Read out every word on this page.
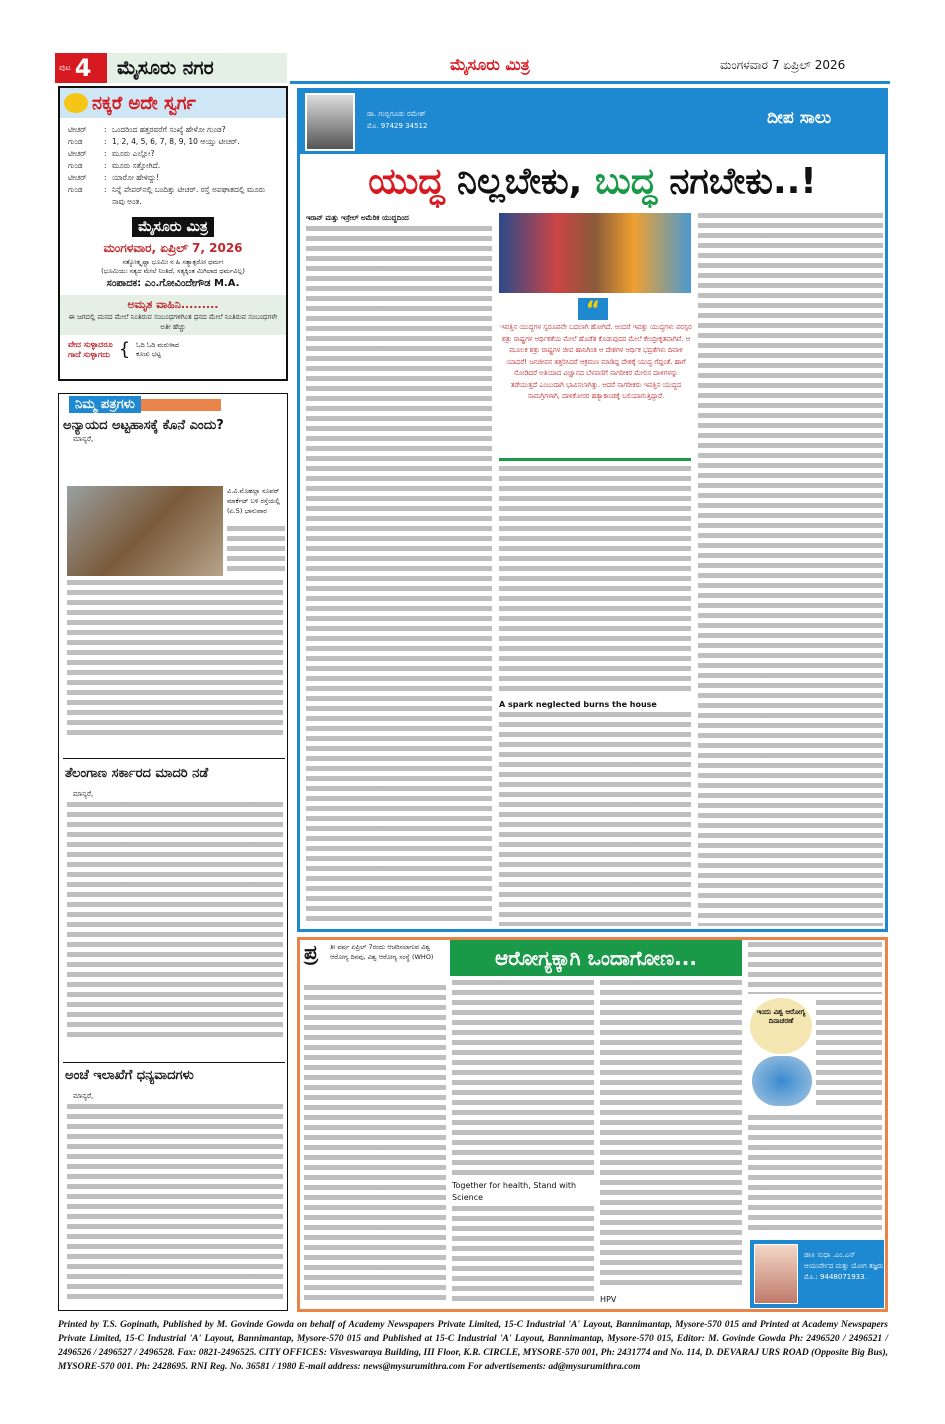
ಪುಟ 4	ಮೈಸೂರು ನಗರ	ಮೈಸೂರು ಮಿತ್ರ	ಮಂಗಳವಾರ 7 ಏಪ್ರಿಲ್ 2026
ನಕ್ಕರೆ ಅದೇ ಸ್ವರ್ಗ
ಟೀಚರ್	: ಒಂದರಿಂದ ಹತ್ತರವರೆಗೆ ಸಂಖ್ಯೆ ಹೇಳೋ ಗುಂಡ?
ಗುಂಡ	: 1, 2, 4, 5, 6, 7, 8, 9, 10 ಆಯ್ತು ಟೀಚರ್.
ಟೀಚರ್	: ಮೂರು ಎಲ್ಲೋ?
ಗುಂಡ	: ಮೂರು ಸತ್ತೋಗಿದೆ.
ಟೀಚರ್	: ಯಾರೋ ಹೇಳಿದ್ದು!
ಗುಂಡ	: ನಿನ್ನೆ ಪೇಪರ್‌ನಲ್ಲಿ ಬಂದಿತ್ತು ಟೀಚರ್. ರಸ್ತೆ ಅಪಘಾತದಲ್ಲಿ ಮೂರು ಸಾವು ಅಂತ.
ಮೈಸೂರು ಮಿತ್ರ
ಮಂಗಳವಾರ, ಏಪ್ರಿಲ್ 7, 2026
ಸತ್ಯೋತ್ಕೃಷ್ಟಾ ಭೂಮಿಃ ನ ಹಿ ಸತ್ಯಾತ್ಪರೋ ಧರ್ಮಃ
(ಭೂಮಿಯು ಸತ್ಯದ ಮೇಲೆ ನಿಂತಿದೆ, ಸತ್ಯಕ್ಕಿಂತ ಮಿಗಿಲಾದ ಧರ್ಮವಿಲ್ಲ)
ಸಂಪಾದಕ: ಎಂ.ಗೋವಿಂದೇಗೌಡ M.A.
ಅಮೃತ ವಾಹಿನಿ.........
ಈ ಜಗದಲ್ಲಿ ಮನದ ಮೇಲೆ ನಿಂತಿರುವ ಸಂಬಂಧಗಳಿಗಿಂತ ಧನದ ಮೇಲೆ ನಿಂತಿರುವ ಸಂಬಂಧಗಳೇ ಅತೀ ಹೆಚ್ಚು
ವೇದ ಸುಳ್ಳಾದರೂ
ಗಾದೆ ಸುಳ್ಳಾಗದು { ಓದಿ ಓದಿ ಮರುಳಾದ
ಕೂಚು ಭಟ್ಟ
ನಿಮ್ಮ ಪತ್ರಗಳು
ಅನ್ಯಾಯದ ಅಟ್ಟಹಾಸಕ್ಕೆ ಕೊನೆ ಎಂದು?
ಮಾನ್ಯರೆ,
ವಿ.ವಿ.ಮೊಹಲ್ಲಾ ಸೂಪರ್ ಮಾರ್ಕೆಟ್ ಬಳಿ ರಸ್ತೆಯಲ್ಲಿ (ಏ.5) ಭಾನುವಾರ
ತೆಲಂಗಾಣ ಸರ್ಕಾರದ ಮಾದರಿ ನಡೆ
ಮಾನ್ಯರೆ,
ಅಂಚೆ ಇಲಾಖೆಗೆ ಧನ್ಯವಾದಗಳು
ಮಾನ್ಯರೆ,
ಡಾ. ಗುಬ್ಬಿಗೂಡು ರಮೇಶ್
ಮೊ. 97429 34512	ದೀಪ ಸಾಲು
ಯುದ್ಧ ನಿಲ್ಲಬೇಕು, ಬುದ್ಧ ನಗಬೇಕು..!
ಇರಾನ್ ಮತ್ತು ಇಸ್ರೇಲ್ ಅಮೆರಿಕ ಯುದ್ಧದಿಂದ
“
ಇವತ್ತಿನ ಯುದ್ಧಗಳ ಸ್ವರೂಪವೇ ಬದಲಾಗಿ ಹೋಗಿದೆ. ಅಂದರೆ ಇವತ್ತು ಯುದ್ಧಗಳು ಪರಸ್ಪರ ಶತ್ರು ರಾಷ್ಟ್ರಗಳ ಆರ್ಥಿಕತೆಯ ಮೇಲೆ ಹೊಡೆತ ಕೊಡುವುದರ ಮೇಲೆ ಕೇಂದ್ರೀಕೃತವಾಗಿವೆ. ಆ ಮೂಲಕ ಶತ್ರು ರಾಷ್ಟ್ರಗಳ ಜೀವ ಹಾನಿಗಿಂತ ಆ ದೇಶಗಳ ಆರ್ಥಿಕ ಭದ್ರತೆಗಳು ದಿವಾಳಿ ಯಾದರೆ! ಜನಜೀವನ ತತ್ತರಿಸಿದರೆ ಆಕ್ರಮಣ ಮಾಡಿದ್ದ ದೇಶಕ್ಕೆ ಯುದ್ಧ ಗೆದ್ದಂತೆ. ಹಾಗೆ ನೋಡಿದರೆ ಅತಿಯಾದ ವಿಜ್ಞಾನದ ಬೆಳವಣಿಗೆ ನಾಗರೀಕರ ಮೇಲಿನ ದಾಳಿಗಳನ್ನು ತಡೆಯುತ್ತದೆ ಎಂಬುದಾಗಿ ಭಾವಿಸಲಾಗಿತ್ತು. ಆದರೆ ನಾಗರೀಕರು ಇವತ್ತಿನ ಯುದ್ಧದ ಸಾಮಗ್ರಿಗಳಾಗಿ, ದಾಳಿಕೋರರ ಹತ್ಯಾಕಾಂಡಕ್ಕೆ ಬಲಿಯಾಗುತ್ತಿದ್ದಾರೆ.
A spark neglected burns the house
ಪ್ರ ತೀ ವರ್ಷ ಏಪ್ರಿಲ್ 7ರಂದು ಆಚರಿಸಲಾಗುವ ವಿಶ್ವ ಆರೋಗ್ಯ ದಿನವು, ವಿಶ್ವ ಆರೋಗ್ಯ ಸಂಸ್ಥೆ (WHO)	ಆರೋಗ್ಯಕ್ಕಾಗಿ ಒಂದಾಗೋಣ...
Together for health, Stand with Science
HPV
ಇಂದು ವಿಶ್ವ ಆರೋಗ್ಯ ದಿನಾಚರಣೆ
ಡಾ॥ ಸುಧಾ .ಎಂ.ಎನ್
ಆಯುರ್ವೇದ ಮತ್ತು ಯೋಗ ತಜ್ಞರು
ಮೊ.: 9448071933.
Printed by T.S. Gopinath, Published by M. Govinde Gowda on behalf of Academy Newspapers Private Limited, 15-C Industrial 'A' Layout, Bannimantap, Mysore-570 015 and Printed at Academy Newspapers Private Limited, 15-C Industrial 'A' Layout, Bannimantap, Mysore-570 015 and Published at 15-C Industrial 'A' Layout, Bannimantap, Mysore-570 015, Editor: M. Govinde Gowda Ph: 2496520 / 2496521 / 2496526 / 2496527 / 2496528. Fax: 0821-2496525. CITY OFFICES: Visveswaraya Building, III Floor, K.R. CIRCLE, MYSORE-570 001, Ph: 2431774 and No. 114, D. DEVARAJ URS ROAD (Opposite Big Bus), MYSORE-570 001. Ph: 2428695. RNI Reg. No. 36581 / 1980 E-mail address: news@mysurumithra.com For advertisements: ad@mysurumithra.com
